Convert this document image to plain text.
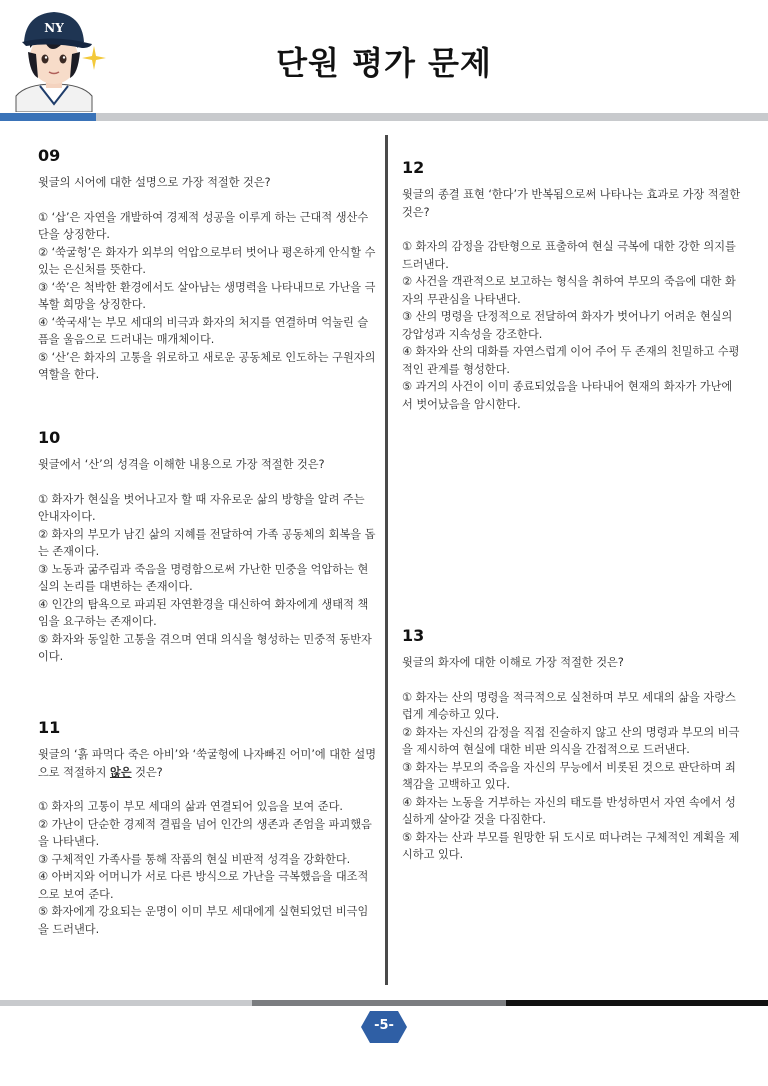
NY
단원 평가 문제
09
윗글의 시어에 대한 설명으로 가장 적절한 것은?
① ‘삽’은 자연을 개발하여 경제적 성공을 이루게 하는 근대적 생산수단을 상징한다.
② ‘쑥굴헝’은 화자가 외부의 억압으로부터 벗어나 평온하게 안식할 수 있는 은신처를 뜻한다.
③ ‘쑥’은 척박한 환경에서도 살아남는 생명력을 나타내므로 가난을 극복할 희망을 상징한다.
④ ‘쑥국새’는 부모 세대의 비극과 화자의 처지를 연결하며 억눌린 슬픔을 울음으로 드러내는 매개체이다.
⑤ ‘산’은 화자의 고통을 위로하고 새로운 공동체로 인도하는 구원자의 역할을 한다.
10
윗글에서 ‘산’의 성격을 이해한 내용으로 가장 적절한 것은?
① 화자가 현실을 벗어나고자 할 때 자유로운 삶의 방향을 알려 주는 안내자이다.
② 화자의 부모가 남긴 삶의 지혜를 전달하여 가족 공동체의 회복을 돕는 존재이다.
③ 노동과 굶주림과 죽음을 명령함으로써 가난한 민중을 억압하는 현실의 논리를 대변하는 존재이다.
④ 인간의 탐욕으로 파괴된 자연환경을 대신하여 화자에게 생태적 책임을 요구하는 존재이다.
⑤ 화자와 동일한 고통을 겪으며 연대 의식을 형성하는 민중적 동반자이다.
11
윗글의 ‘흙 파먹다 죽은 아비’와 ‘쑥굴헝에 나자빠진 어미’에 대한 설명으로 적절하지 않은 것은?
① 화자의 고통이 부모 세대의 삶과 연결되어 있음을 보여 준다.
② 가난이 단순한 경제적 결핍을 넘어 인간의 생존과 존엄을 파괴했음을 나타낸다.
③ 구체적인 가족사를 통해 작품의 현실 비판적 성격을 강화한다.
④ 아버지와 어머니가 서로 다른 방식으로 가난을 극복했음을 대조적으로 보여 준다.
⑤ 화자에게 강요되는 운명이 이미 부모 세대에게 실현되었던 비극임을 드러낸다.
12
윗글의 종결 표현 ‘한다’가 반복됨으로써 나타나는 효과로 가장 적절한 것은?
① 화자의 감정을 감탄형으로 표출하여 현실 극복에 대한 강한 의지를 드러낸다.
② 사건을 객관적으로 보고하는 형식을 취하여 부모의 죽음에 대한 화자의 무관심을 나타낸다.
③ 산의 명령을 단정적으로 전달하여 화자가 벗어나기 어려운 현실의 강압성과 지속성을 강조한다.
④ 화자와 산의 대화를 자연스럽게 이어 주어 두 존재의 친밀하고 수평적인 관계를 형성한다.
⑤ 과거의 사건이 이미 종료되었음을 나타내어 현재의 화자가 가난에서 벗어났음을 암시한다.
13
윗글의 화자에 대한 이해로 가장 적절한 것은?
① 화자는 산의 명령을 적극적으로 실천하며 부모 세대의 삶을 자랑스럽게 계승하고 있다.
② 화자는 자신의 감정을 직접 진술하지 않고 산의 명령과 부모의 비극을 제시하여 현실에 대한 비판 의식을 간접적으로 드러낸다.
③ 화자는 부모의 죽음을 자신의 무능에서 비롯된 것으로 판단하며 죄책감을 고백하고 있다.
④ 화자는 노동을 거부하는 자신의 태도를 반성하면서 자연 속에서 성실하게 살아갈 것을 다짐한다.
⑤ 화자는 산과 부모를 원망한 뒤 도시로 떠나려는 구체적인 계획을 제시하고 있다.
-5-
